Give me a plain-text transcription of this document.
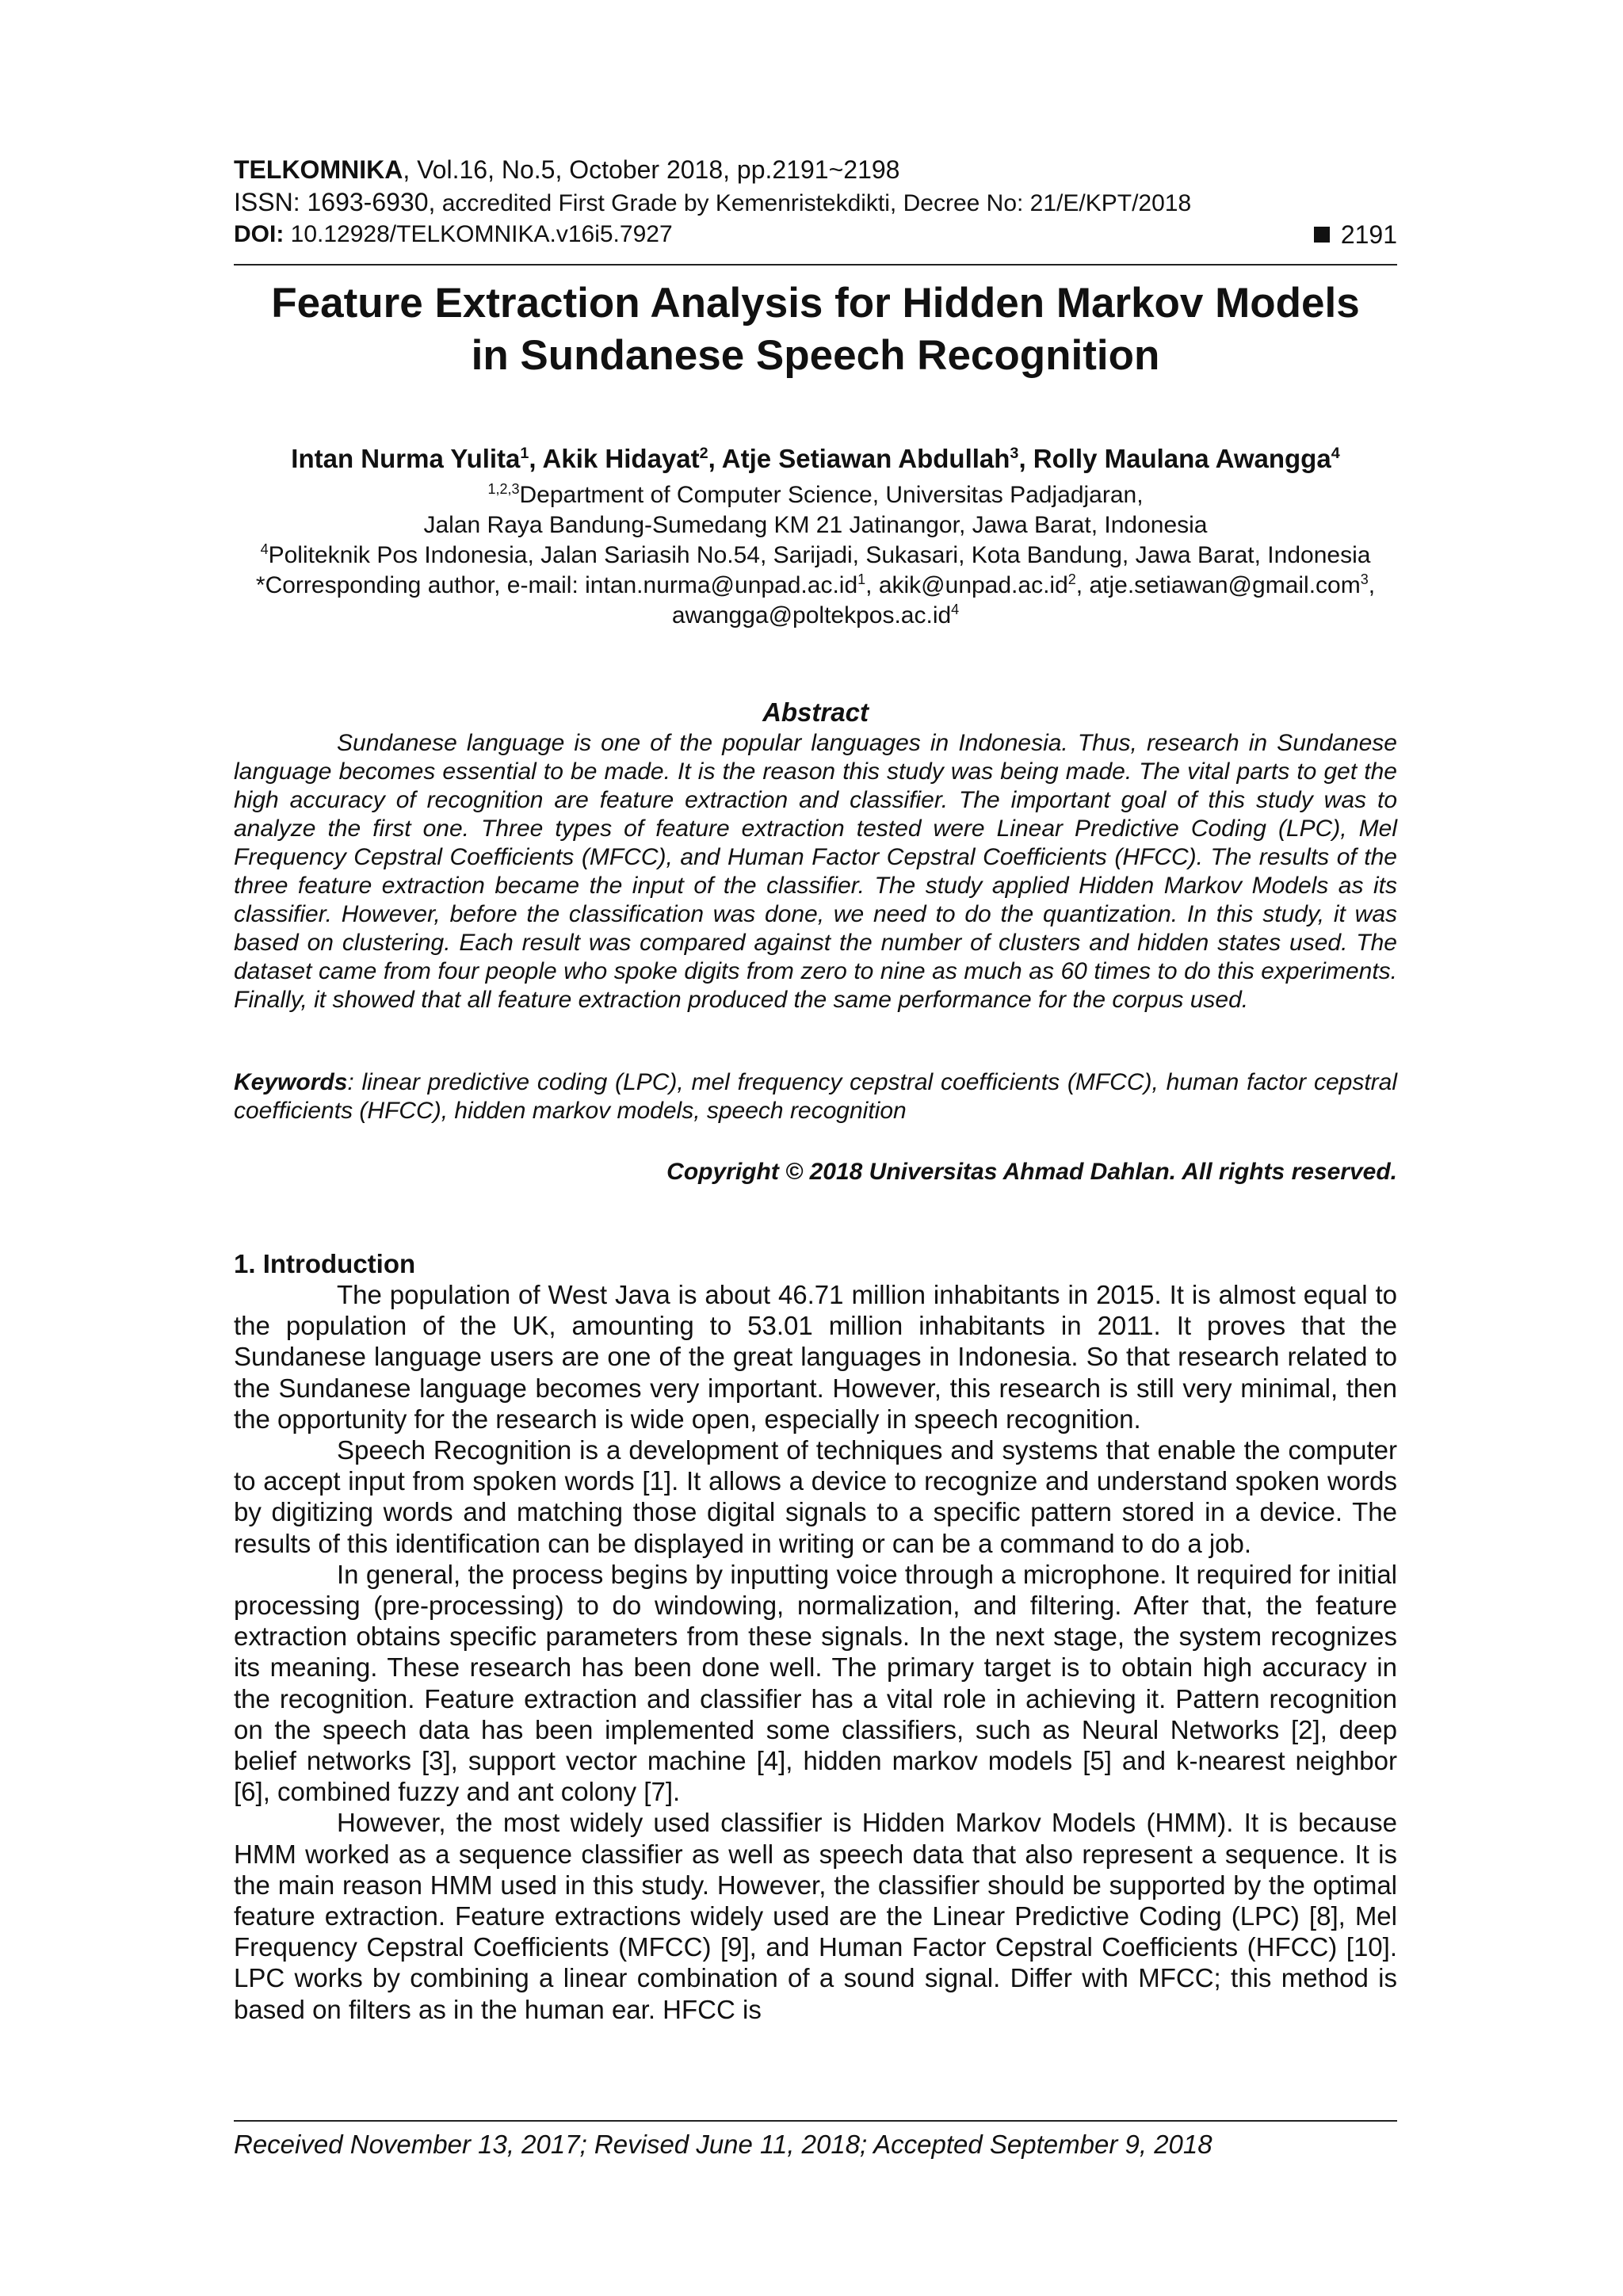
TELKOMNIKA, Vol.16, No.5, October 2018, pp.2191~2198
ISSN: 1693-6930, accredited First Grade by Kemenristekdikti, Decree No: 21/E/KPT/2018
DOI: 10.12928/TELKOMNIKA.v16i5.7927	2191
Feature Extraction Analysis for Hidden Markov Models
in Sundanese Speech Recognition
Intan Nurma Yulita$^1$, Akik Hidayat$^2$, Atje Setiawan Abdullah$^3$, Rolly Maulana Awangga$^4$
$^{1,2,3}$Department of Computer Science, Universitas Padjadjaran,
Jalan Raya Bandung-Sumedang KM 21 Jatinangor, Jawa Barat, Indonesia
$^4$Politeknik Pos Indonesia, Jalan Sariasih No.54, Sarijadi, Sukasari, Kota Bandung, Jawa Barat, Indonesia
*Corresponding author, e-mail: $intan.nurma@unpad.ac.id^1$, $akik@unpad.ac.id^2$, atje.setiawan@gmail.com$^3$,
$awangga@poltekpos.ac.id^4$
Abstract

Sundanese language is one of the popular languages in Indonesia. Thus, research in Sundanese language becomes essential to be made. It is the reason this study was being made. The vital parts to get the high accuracy of recognition are feature extraction and classifier. The important goal of this study was to analyze the first one. Three types of feature extraction tested were Linear Predictive Coding (LPC), Mel Frequency Cepstral Coefficients (MFCC), and Human Factor Cepstral Coefficients (HFCC). The results of the three feature extraction became the input of the classifier. The study applied Hidden Markov Models as its classifier. However, before the classification was done, we need to do the quantization. In this study, it was based on clustering. Each result was compared against the number of clusters and hidden states used. The dataset came from four people who spoke digits from zero to nine as much as 60 times to do this experiments. Finally, it showed that all feature extraction produced the same performance for the corpus used.

Keywords: linear predictive coding (LPC), mel frequency cepstral coefficients (MFCC), human factor cepstral coefficients (HFCC), hidden markov models, speech recognition

Copyright © 2018 Universitas Ahmad Dahlan. All rights reserved.
1. Introduction

The population of West Java is about 46.71 million inhabitants in 2015. It is almost equal to the population of the UK, amounting to 53.01 million inhabitants in 2011. It proves that the Sundanese language users are one of the great languages in Indonesia. So that research related to the Sundanese language becomes very important. However, this research is still very minimal, then the opportunity for the research is wide open, especially in speech recognition.

Speech Recognition is a development of techniques and systems that enable the computer to accept input from spoken words [1]. It allows a device to recognize and understand spoken words by digitizing words and matching those digital signals to a specific pattern stored in a device. The results of this identification can be displayed in writing or can be a command to do a job.

In general, the process begins by inputting voice through a microphone. It required for initial processing (pre-processing) to do windowing, normalization, and filtering. After that, the feature extraction obtains specific parameters from these signals. In the next stage, the system recognizes its meaning. These research has been done well. The primary target is to obtain high accuracy in the recognition. Feature extraction and classifier has a vital role in achieving it. Pattern recognition on the speech data has been implemented some classifiers, such as Neural Networks [2], deep belief networks [3], support vector machine [4], hidden markov models [5] and k-nearest neighbor [6], combined fuzzy and ant colony [7].

However, the most widely used classifier is Hidden Markov Models (HMM). It is because HMM worked as a sequence classifier as well as speech data that also represent a sequence. It is the main reason HMM used in this study. However, the classifier should be supported by the optimal feature extraction. Feature extractions widely used are the Linear Predictive Coding (LPC) [8], Mel Frequency Cepstral Coefficients (MFCC) [9], and Human Factor Cepstral Coefficients (HFCC) [10]. LPC works by combining a linear combination of a sound signal. Differ with MFCC; this method is based on filters as in the human ear. HFCC is

Received November 13, 2017; Revised June 11, 2018; Accepted September 9, 2018
